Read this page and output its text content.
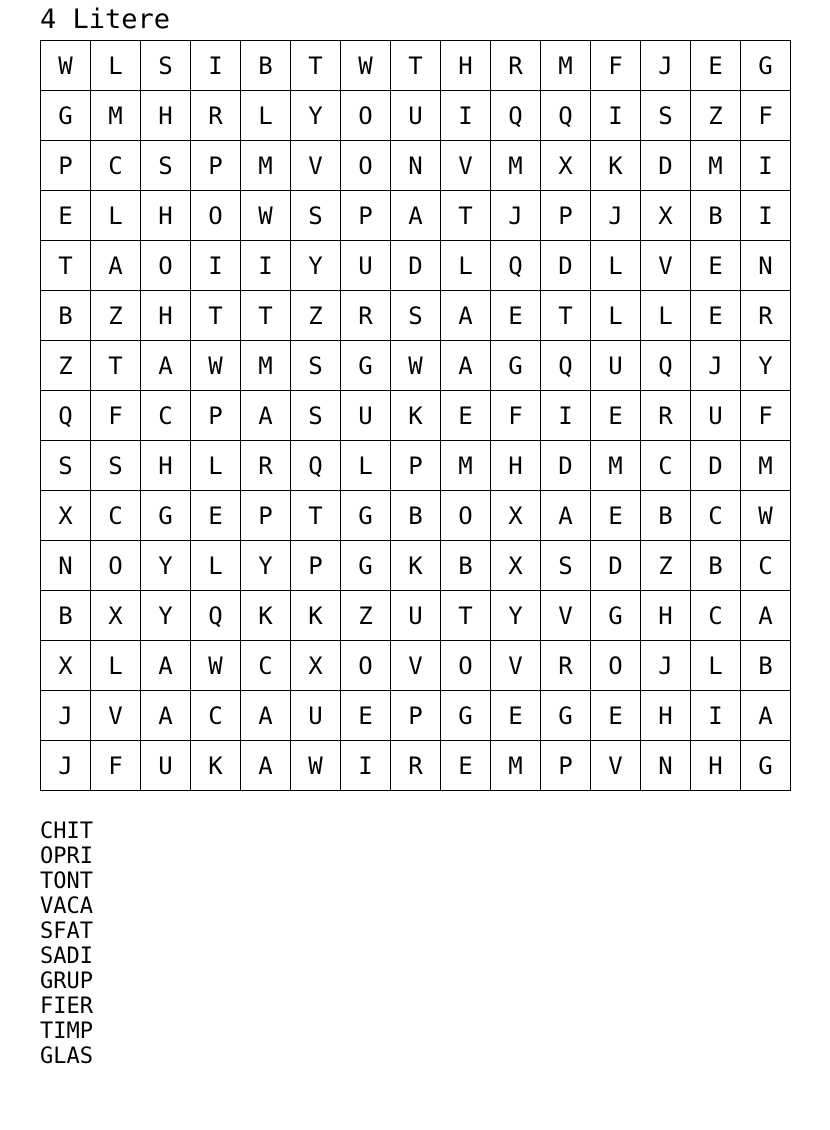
4 Litere
W	L	S	I	B	T	W	T	H	R	M	F	J	E	G
G	M	H	R	L	Y	O	U	I	Q	Q	I	S	Z	F
P	C	S	P	M	V	O	N	V	M	X	K	D	M	I
E	L	H	O	W	S	P	A	T	J	P	J	X	B	I
T	A	O	I	I	Y	U	D	L	Q	D	L	V	E	N
B	Z	H	T	T	Z	R	S	A	E	T	L	L	E	R
Z	T	A	W	M	S	G	W	A	G	Q	U	Q	J	Y
Q	F	C	P	A	S	U	K	E	F	I	E	R	U	F
S	S	H	L	R	Q	L	P	M	H	D	M	C	D	M
X	C	G	E	P	T	G	B	O	X	A	E	B	C	W
N	O	Y	L	Y	P	G	K	B	X	S	D	Z	B	C
B	X	Y	Q	K	K	Z	U	T	Y	V	G	H	C	A
X	L	A	W	C	X	O	V	O	V	R	O	J	L	B
J	V	A	C	A	U	E	P	G	E	G	E	H	I	A
J	F	U	K	A	W	I	R	E	M	P	V	N	H	G
CHIT
OPRI
TONT
VACA
SFAT
SADI
GRUP
FIER
TIMP
GLAS
